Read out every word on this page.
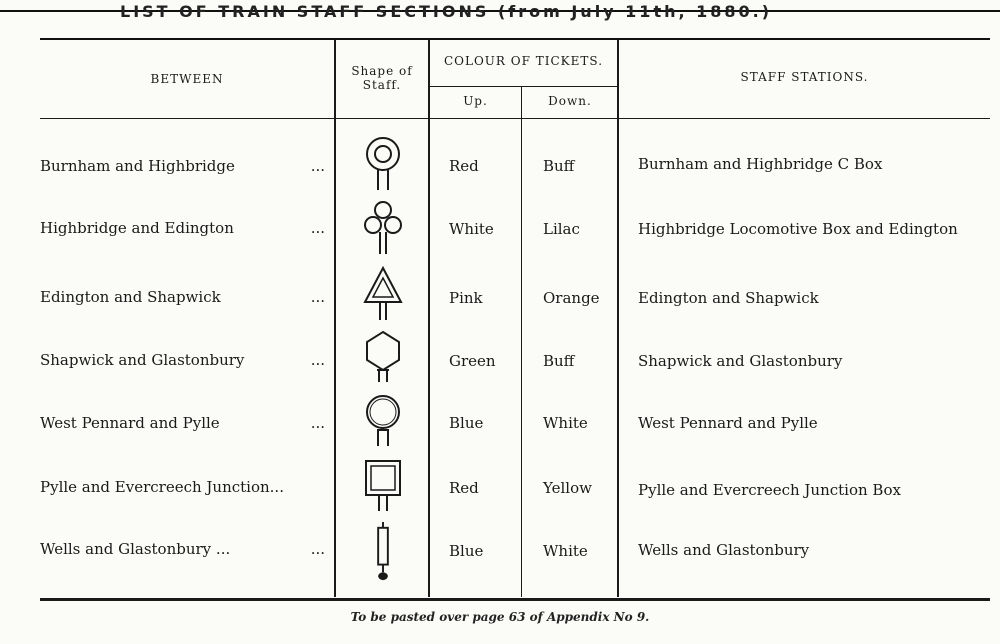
LIST OF TRAIN STAFF SECTIONS (from July 11th, 1880.)
BETWEEN
Shape of Staff.
COLOUR OF TICKETS.
Up.	Down.
STAFF STATIONS.
Burnham and Highbridge	...	Red	Buff	Burnham and Highbridge C Box
Highbridge and Edington	...	White	Lilac	Highbridge Locomotive Box and Edington
Edington and Shapwick	...	Pink	Orange	Edington and Shapwick
Shapwick and Glastonbury	...	Green	Buff	Shapwick and Glastonbury
West Pennard and Pylle	...	Blue	White	West Pennard and Pylle
Pylle and Evercreech Junction...	Red	Yellow	Pylle and Evercreech Junction Box
Wells and Glastonbury ...	...	Blue	White	Wells and Glastonbury
To be pasted over page 63 of Appendix No 9.
